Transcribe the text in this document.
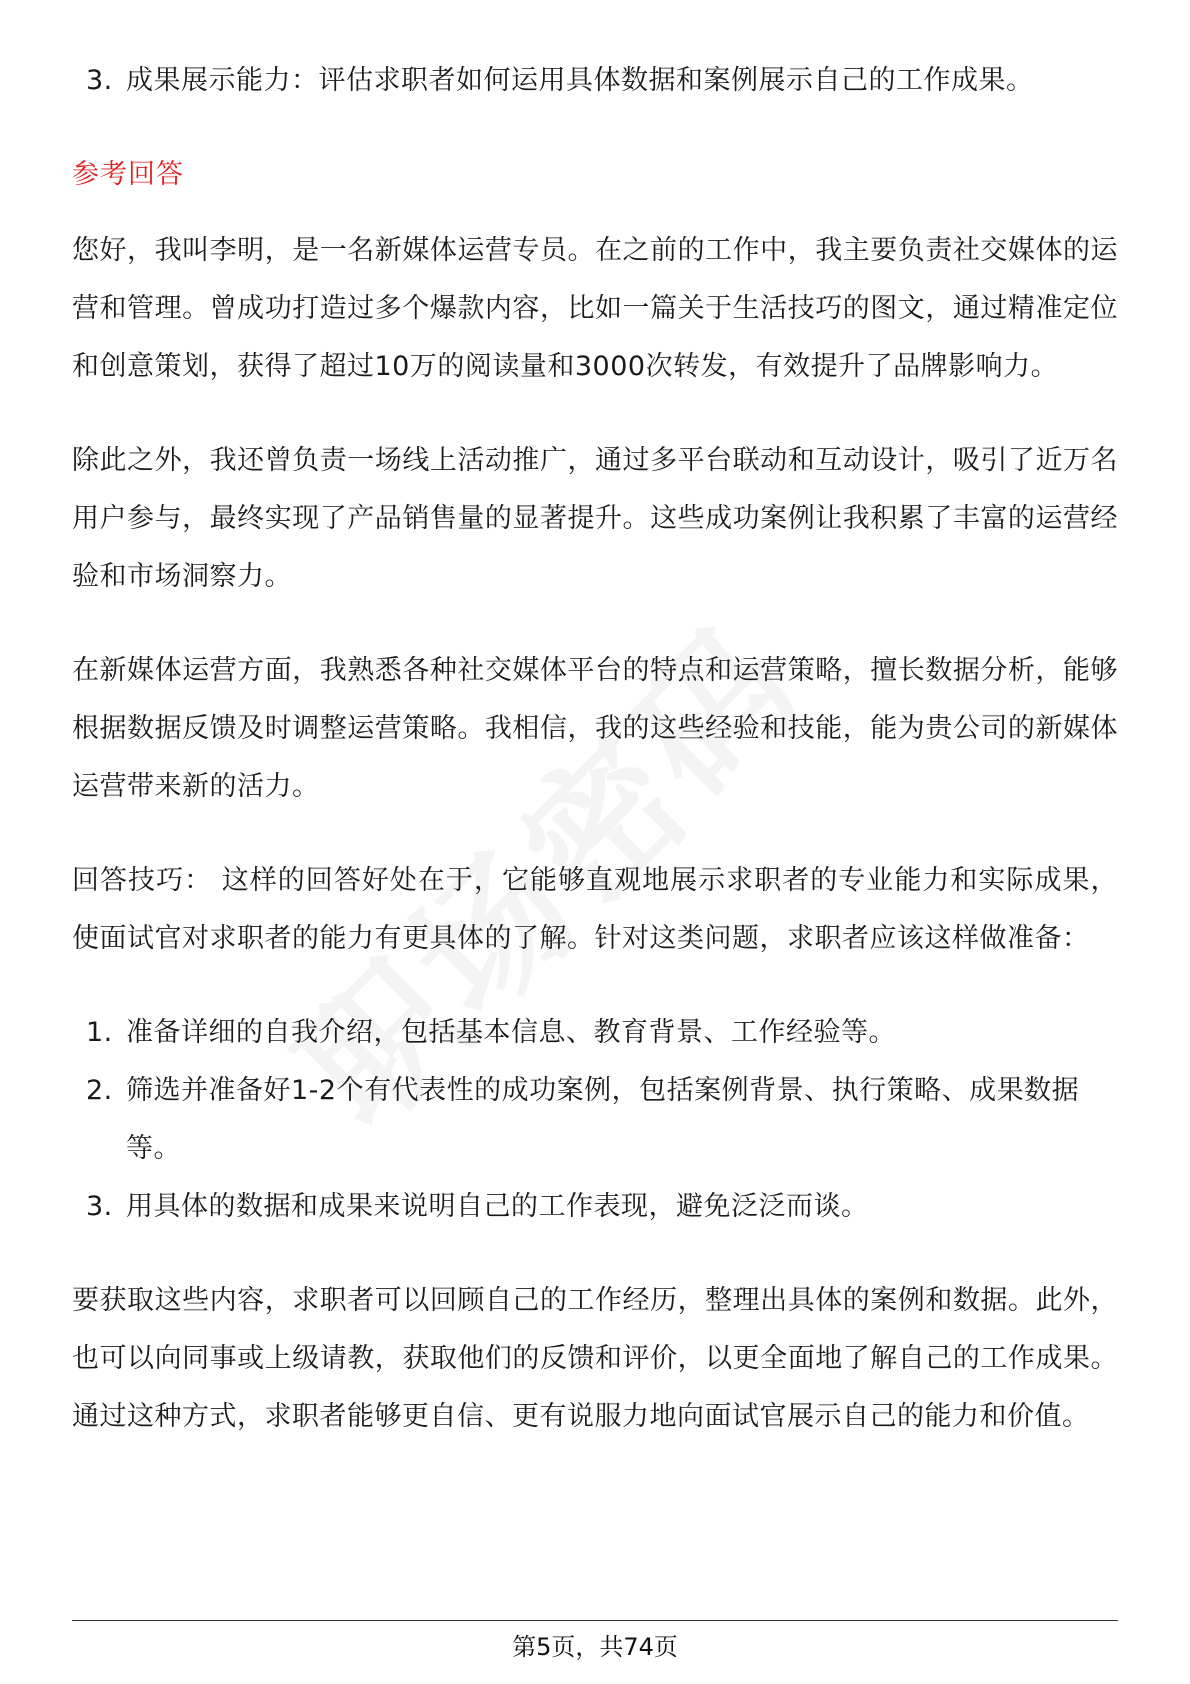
3. 成果展示能力：评估求职者如何运用具体数据和案例展示自己的工作成果。
参考回答

您好，我叫李明，是一名新媒体运营专员。在之前的工作中，我主要负责社交媒体的运营和管理。曾成功打造过多个爆款内容，比如一篇关于生活技巧的图文，通过精准定位和创意策划，获得了超过10万的阅读量和3000次转发，有效提升了品牌影响力。

除此之外，我还曾负责一场线上活动推广，通过多平台联动和互动设计，吸引了近万名用户参与，最终实现了产品销售量的显著提升。这些成功案例让我积累了丰富的运营经验和市场洞察力。

在新媒体运营方面，我熟悉各种社交媒体平台的特点和运营策略，擅长数据分析，能够根据数据反馈及时调整运营策略。我相信，我的这些经验和技能，能为贵公司的新媒体运营带来新的活力。

回答技巧： 这样的回答好处在于，它能够直观地展示求职者的专业能力和实际成果，使面试官对求职者的能力有更具体的了解。针对这类问题，求职者应该这样做准备：

1. 准备详细的自我介绍，包括基本信息、教育背景、工作经验等。
2. 筛选并准备好1-2个有代表性的成功案例，包括案例背景、执行策略、成果数据等。
3. 用具体的数据和成果来说明自己的工作表现，避免泛泛而谈。

要获取这些内容，求职者可以回顾自己的工作经历，整理出具体的案例和数据。此外，也可以向同事或上级请教，获取他们的反馈和评价，以更全面地了解自己的工作成果。通过这种方式，求职者能够更自信、更有说服力地向面试官展示自己的能力和价值。

第5页，共74页
